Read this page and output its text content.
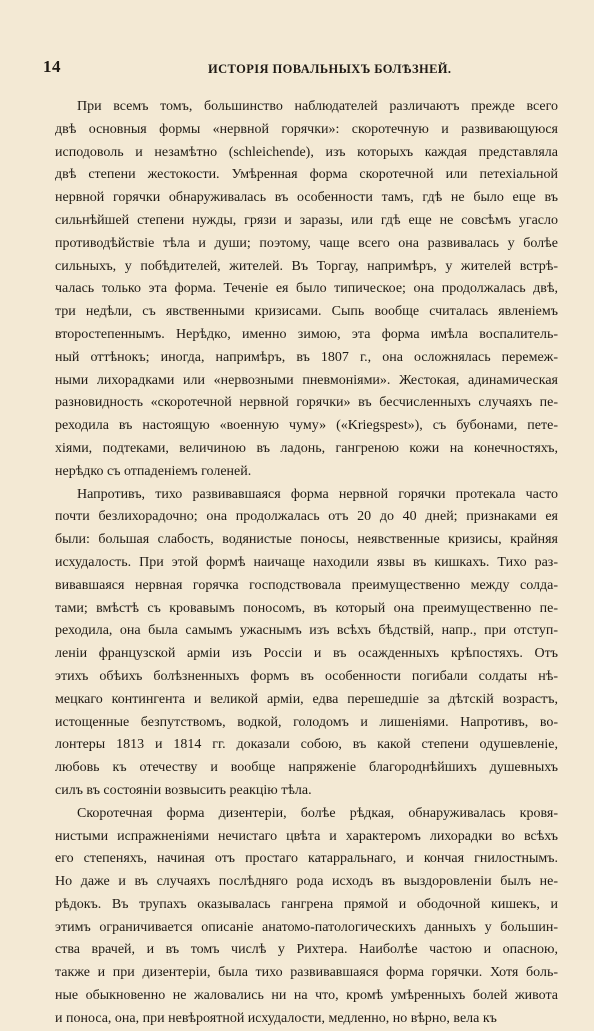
14	ИСТОРІЯ ПОВАЛЬНЫХЪ БОЛѢЗНЕЙ.

При всемъ томъ, большинство наблюдателей различаютъ прежде всего
двѣ основныя формы «нервной горячки»: скоротечную и развивающуюся
исподоволь и незамѣтно (schleichende), изъ которыхъ каждая представляла
двѣ степени жестокости. Умѣренная форма скоротечной или петехіальной
нервной горячки обнаруживалась въ особенности тамъ, гдѣ не было еще въ
сильнѣйшей степени нужды, грязи и заразы, или гдѣ еще не совсѣмъ угасло
противодѣйствіе тѣла и души; поэтому, чаще всего она развивалась у болѣе
сильныхъ, у побѣдителей, жителей. Въ Торгау, напримѣръ, у жителей встрѣ-
чалась только эта форма. Теченіе ея было типическое; она продолжалась двѣ,
три недѣли, съ явственными кризисами. Сыпь вообще считалась явленіемъ
второстепеннымъ. Нерѣдко, именно зимою, эта форма имѣла воспалитель-
ный оттѣнокъ; иногда, напримѣръ, въ 1807 г., она осложнялась перемеж-
ными лихорадками или «нервозными пневмоніями». Жестокая, адинамическая
разновидность «скоротечной нервной горячки» въ бесчисленныхъ случаяхъ пе-
реходила въ настоящую «военную чуму» («Kriegspest»), съ бубонами, пете-
хіями, подтеками, величиною въ ладонь, гангреною кожи на конечностяхъ,
нерѣдко съ отпаденіемъ голеней.

Напротивъ, тихо развивавшаяся форма нервной горячки протекала часто
почти безлихорадочно; она продолжалась отъ 20 до 40 дней; признаками ея
были: большая слабость, водянистые поносы, неявственные кризисы, крайняя
исхудалость. При этой формѣ наичаще находили язвы въ кишкахъ. Тихо раз-
вивавшаяся нервная горячка господствовала преимущественно между солда-
тами; вмѣстѣ съ кровавымъ поносомъ, въ который она преимущественно пе-
реходила, она была самымъ ужаснымъ изъ всѣхъ бѣдствій, напр., при отступ-
леніи французской арміи изъ Россіи и въ осажденныхъ крѣпостяхъ. Отъ
этихъ обѣихъ болѣзненныхъ формъ въ особенности погибали солдаты нѣ-
мецкаго контингента и великой арміи, едва перешедшіе за дѣтскій возрастъ,
истощенные безпутствомъ, водкой, голодомъ и лишеніями. Напротивъ, во-
лонтеры 1813 и 1814 гг. доказали собою, въ какой степени одушевленіе,
любовь къ отечеству и вообще напряженіе благороднѣйшихъ душевныхъ
силъ въ состояніи возвысить реакцію тѣла.

Скоротечная форма дизентеріи, болѣе рѣдкая, обнаруживалась кровя-
нистыми испражненіями нечистаго цвѣта и характеромъ лихорадки во всѣхъ
его степеняхъ, начиная отъ простаго катарральнаго, и кончая гнилостнымъ.
Но даже и въ случаяхъ послѣдняго рода исходъ въ выздоровленіи былъ не-
рѣдокъ. Въ трупахъ оказывалась гангрена прямой и ободочной кишекъ, и
этимъ ограничивается описаніе анатомо-патологическихъ данныхъ у большин-
ства врачей, и въ томъ числѣ у Рихтера. Наиболѣе частою и опасною,
также и при дизентеріи, была тихо развивавшаяся форма горячки. Хотя боль-
ные обыкновенно не жаловались ни на что, кромѣ умѣренныхъ болей живота
и поноса, она, при невѣроятной исхудалости, медленно, но вѣрно, вела къ
